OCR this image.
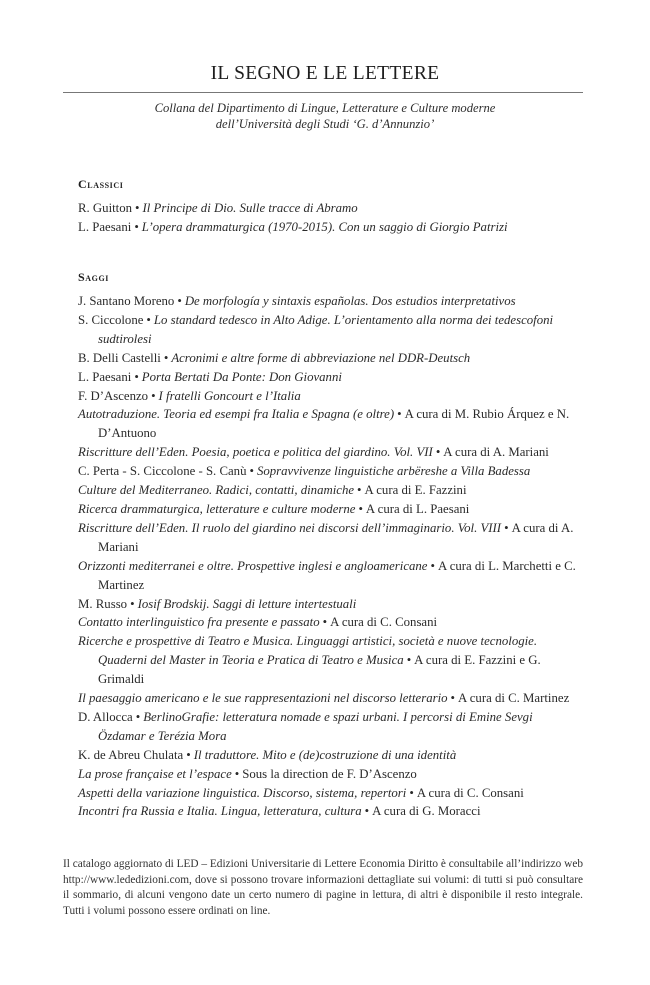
IL SEGNO E LE LETTERE
Collana del Dipartimento di Lingue, Letterature e Culture moderne
dell’Università degli Studi ‘G. d’Annunzio’
Classici
R. Guitton • Il Principe di Dio. Sulle tracce di Abramo
L. Paesani • L’opera drammaturgica (1970-2015). Con un saggio di Giorgio Patrizi
Saggi
J. Santano Moreno • De morfología y sintaxis españolas. Dos estudios interpretativos
S. Ciccolone • Lo standard tedesco in Alto Adige. L’orientamento alla norma dei tedescofoni sudtirolesi
B. Delli Castelli • Acronimi e altre forme di abbreviazione nel DDR-Deutsch
L. Paesani • Porta Bertati Da Ponte: Don Giovanni
F. D’Ascenzo • I fratelli Goncourt e l’Italia
Autotraduzione. Teoria ed esempi fra Italia e Spagna (e oltre) • A cura di M. Rubio Árquez e N. D’Antuono
Riscritture dell’Eden. Poesia, poetica e politica del giardino. Vol. VII • A cura di A. Mariani
C. Perta - S. Ciccolone - S. Canù • Sopravvivenze linguistiche arbëreshe a Villa Badessa
Culture del Mediterraneo. Radici, contatti, dinamiche • A cura di E. Fazzini
Ricerca drammaturgica, letterature e culture moderne • A cura di L. Paesani
Riscritture dell’Eden. Il ruolo del giardino nei discorsi dell’immaginario. Vol. VIII • A cura di A. Mariani
Orizzonti mediterranei e oltre. Prospettive inglesi e angloamericane • A cura di L. Marchetti e C. Martinez
M. Russo • Iosif Brodskij. Saggi di letture intertestuali
Contatto interlinguistico fra presente e passato • A cura di C. Consani
Ricerche e prospettive di Teatro e Musica. Linguaggi artistici, società e nuove tecnologie. Quaderni del Master in Teoria e Pratica di Teatro e Musica • A cura di E. Fazzini e G. Grimaldi
Il paesaggio americano e le sue rappresentazioni nel discorso letterario • A cura di C. Martinez
D. Allocca • BerlinoGrafie: letteratura nomade e spazi urbani. I percorsi di Emine Sevgi Özdamar e Terézia Mora
K. de Abreu Chulata • Il traduttore. Mito e (de)costruzione di una identità
La prose française et l’espace • Sous la direction de F. D’Ascenzo
Aspetti della variazione linguistica. Discorso, sistema, repertori • A cura di C. Consani
Incontri fra Russia e Italia. Lingua, letteratura, cultura • A cura di G. Moracci
Il catalogo aggiornato di LED – Edizioni Universitarie di Lettere Economia Diritto è consultabile all’indirizzo web http://www.lededizioni.com, dove si possono trovare informazioni dettagliate sui volumi: di tutti si può consultare il sommario, di alcuni vengono date un certo numero di pagine in lettura, di altri è disponibile il resto integrale. Tutti i volumi possono essere ordinati on line.
